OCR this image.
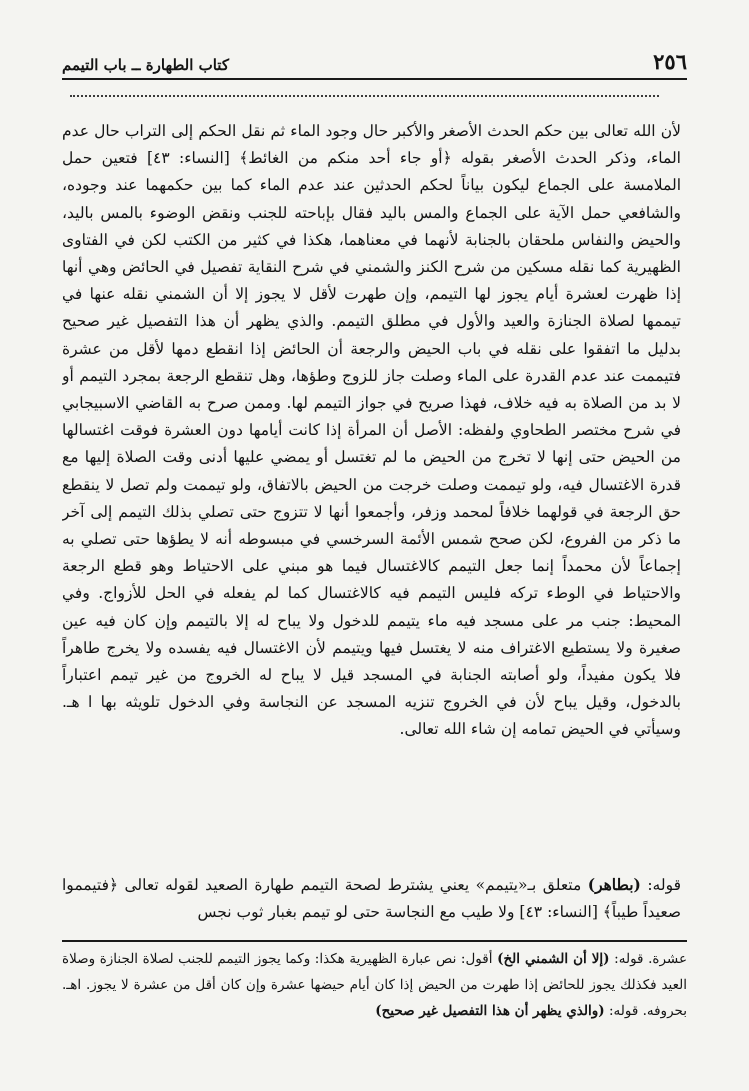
٢٥٦
كتاب الطهارة ــ باب التيمم

لأن الله تعالى بين حكم الحدث الأصغر والأكبر حال وجود الماء ثم نقل الحكم إلى التراب حال عدم الماء، وذكر الحدث الأصغر بقوله ﴿أو جاء أحد منكم من الغائط﴾ [النساء: ٤٣] فتعين حمل الملامسة على الجماع ليكون بياناً لحكم الحدثين عند عدم الماء كما بين حكمهما عند وجوده، والشافعي حمل الآية على الجماع والمس باليد فقال بإباحته للجنب ونقض الوضوء بالمس باليد، والحيض والنفاس ملحقان بالجنابة لأنهما في معناهما، هكذا في كثير من الكتب لكن في الفتاوى الظهيرية كما نقله مسكين من شرح الكنز والشمني في شرح النقاية تفصيل في الحائض وهي أنها إذا ظهرت لعشرة أيام يجوز لها التيمم، وإن طهرت لأقل لا يجوز إلا أن الشمني نقله عنها في تيممها لصلاة الجنازة والعيد والأول في مطلق التيمم. والذي يظهر أن هذا التفصيل غير صحيح بدليل ما اتفقوا على نقله في باب الحيض والرجعة أن الحائض إذا انقطع دمها لأقل من عشرة فتيممت عند عدم القدرة على الماء وصلت جاز للزوج وطؤها، وهل تنقطع الرجعة بمجرد التيمم أو لا بد من الصلاة به فيه خلاف، فهذا صريح في جواز التيمم لها. وممن صرح به القاضي الاسبيجابي في شرح مختصر الطحاوي ولفظه: الأصل أن المرأة إذا كانت أيامها دون العشرة فوقت اغتسالها من الحيض حتى إنها لا تخرج من الحيض ما لم تغتسل أو يمضي عليها أدنى وقت الصلاة إليها مع قدرة الاغتسال فيه، ولو تيممت وصلت خرجت من الحيض بالاتفاق، ولو تيممت ولم تصل لا ينقطع حق الرجعة في قولهما خلافاً لمحمد وزفر، وأجمعوا أنها لا تتزوج حتى تصلي بذلك التيمم إلى آخر ما ذكر من الفروع، لكن صحح شمس الأئمة السرخسي في مبسوطه أنه لا يطؤها حتى تصلي به إجماعاً لأن محمداً إنما جعل التيمم كالاغتسال فيما هو مبني على الاحتياط وهو قطع الرجعة والاحتياط في الوطء تركه فليس التيمم فيه كالاغتسال كما لم يفعله في الحل للأزواج. وفي المحيط: جنب مر على مسجد فيه ماء يتيمم للدخول ولا يباح له إلا بالتيمم وإن كان فيه عين صغيرة ولا يستطيع الاغتراف منه لا يغتسل فيها ويتيمم لأن الاغتسال فيه يفسده ولا يخرج طاهراً فلا يكون مفيداً، ولو أصابته الجنابة في المسجد قيل لا يباح له الخروج من غير تيمم اعتباراً بالدخول، وقيل يباح لأن في الخروج تنزيه المسجد عن النجاسة وفي الدخول تلويثه بها ا هـ. وسيأتي في الحيض تمامه إن شاء الله تعالى.

قوله: (بطاهر) متعلق بـ«يتيمم» يعني يشترط لصحة التيمم طهارة الصعيد لقوله تعالى ﴿فتيمموا صعيداً طيباً﴾ [النساء: ٤٣] ولا طيب مع النجاسة حتى لو تيمم بغبار ثوب نجس

عشرة. قوله: (إلا أن الشمني الخ) أقول: نص عبارة الظهيرية هكذا: وكما يجوز التيمم للجنب لصلاة الجنازة وصلاة العيد فكذلك يجوز للحائض إذا طهرت من الحيض إذا كان أيام حيضها عشرة وإن كان أقل من عشرة لا يجوز. اهـ. بحروفه. قوله: (والذي يظهر أن هذا التفصيل غير صحيح)
